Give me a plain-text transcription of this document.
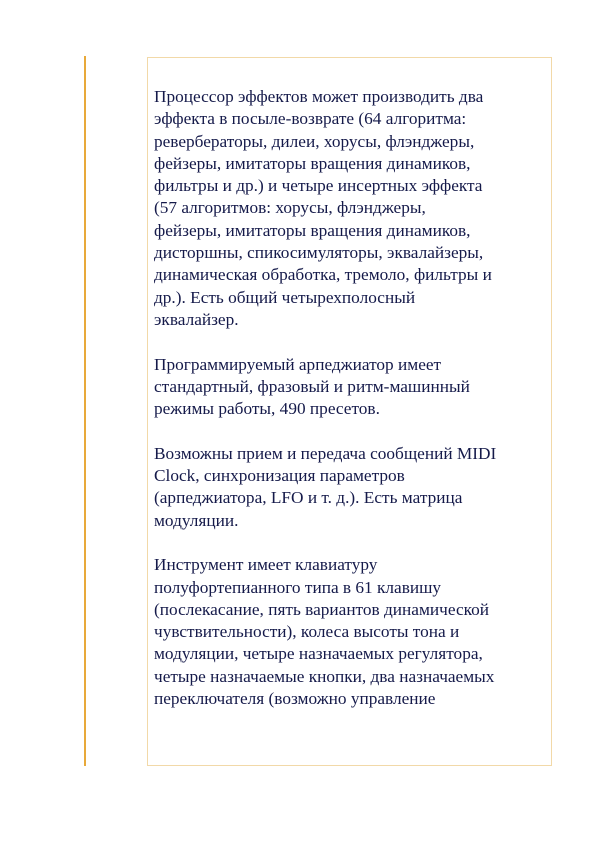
Процессор эффектов может производить два
эффекта в посыле-возврате (64 алгоритма:
ревербераторы, дилеи, хорусы, флэнджеры,
фейзеры, имитаторы вращения динамиков,
фильтры и др.) и четыре инсертных эффекта
(57 алгоритмов: хорусы, флэнджеры,
фейзеры, имитаторы вращения динамиков,
дисторшны, спикосимуляторы, эквалайзеры,
динамическая обработка, тремоло, фильтры и
др.). Есть общий четырехполосный
эквалайзер.

Программируемый арпеджиатор имеет
стандартный, фразовый и ритм-машинный
режимы работы, 490 пресетов.

Возможны прием и передача сообщений MIDI
Clock, синхронизация параметров
(арпеджиатора, LFO и т. д.). Есть матрица
модуляции.

Инструмент имеет клавиатуру
полуфортепианного типа в 61 клавишу
(послекасание, пять вариантов динамической
чувствительности), колеса высоты тона и
модуляции, четыре назначаемых регулятора,
четыре назначаемые кнопки, два назначаемых
переключателя (возможно управление
